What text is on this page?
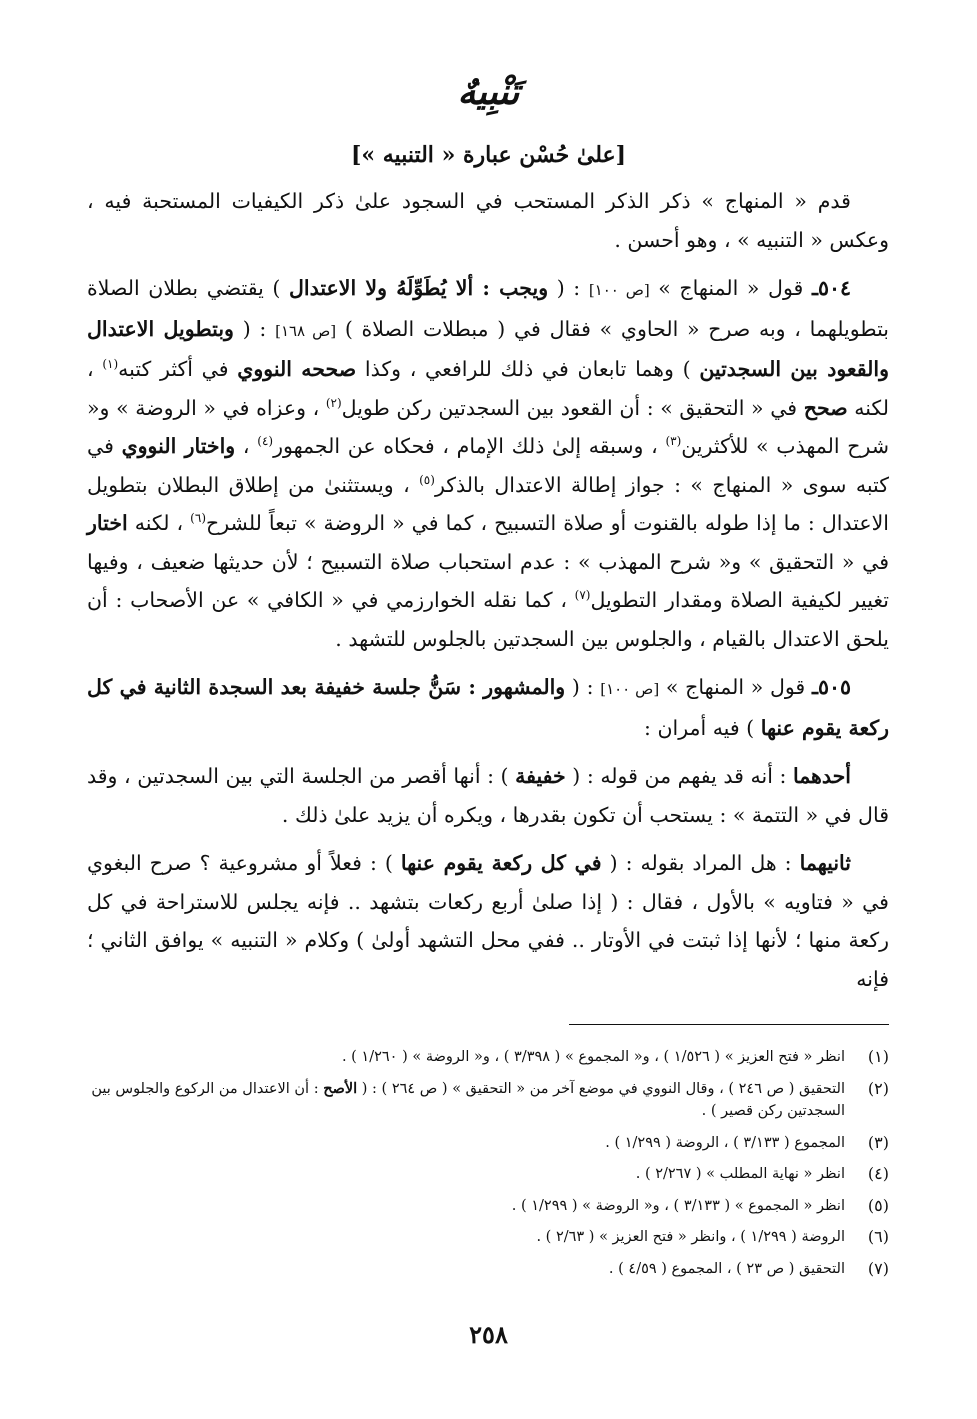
تَنْبِيهٌ
[علىٰ حُسْن عبارة « التنبيه »]

قدم « المنهاج » ذكر الذكر المستحب في السجود علىٰ ذكر الكيفيات المستحبة فيه ، وعكس « التنبيه » ، وهو أحسن .

٥٠٤ـ قول « المنهاج » [ص ١٠٠] : ( ويجب : ألا يُطَوِّلَهُ ولا الاعتدال ) يقتضي بطلان الصلاة بتطويلهما ، وبه صرح « الحاوي » فقال في ( مبطلات الصلاة ) [ص ١٦٨] : ( وبتطويل الاعتدال والقعود بين السجدتين ) وهما تابعان في ذلك للرافعي ، وكذا صححه النووي في أكثر كتبه$^{(١)}$ ، لكنه صحح في « التحقيق » : أن القعود بين السجدتين ركن طويل$^{(٢)}$ ، وعزاه في « الروضة » و« شرح المهذب » للأكثرين$^{(٣)}$ ، وسبقه إلىٰ ذلك الإمام ، فحكاه عن الجمهور$^{(٤)}$ ، واختار النووي في كتبه سوى « المنهاج » : جواز إطالة الاعتدال بالذكر$^{(٥)}$ ، ويستثنىٰ من إطلاق البطلان بتطويل الاعتدال : ما إذا طوله بالقنوت أو صلاة التسبيح ، كما في « الروضة » تبعاً للشرح$^{(٦)}$ ، لكنه اختار في « التحقيق » و« شرح المهذب » : عدم استحباب صلاة التسبيح ؛ لأن حديثها ضعيف ، وفيها تغيير لكيفية الصلاة ومقدار التطويل$^{(٧)}$ ، كما نقله الخوارزمي في « الكافي » عن الأصحاب : أن يلحق الاعتدال بالقيام ، والجلوس بين السجدتين بالجلوس للتشهد .

٥٠٥ـ قول « المنهاج » [ص ١٠٠] : ( والمشهور : سَنُّ جلسة خفيفة بعد السجدة الثانية في كل ركعة يقوم عنها ) فيه أمران :

أحدهما : أنه قد يفهم من قوله : ( خفيفة ) : أنها أقصر من الجلسة التي بين السجدتين ، وقد قال في « التتمة » : يستحب أن تكون بقدرها ، ويكره أن يزيد علىٰ ذلك .

ثانيهما : هل المراد بقوله : ( في كل ركعة يقوم عنها ) : فعلاً أو مشروعية ؟ صرح البغوي في « فتاويه » بالأول ، فقال : ( إذا صلىٰ أربع ركعات بتشهد .. فإنه يجلس للاستراحة في كل ركعة منها ؛ لأنها إذا ثبتت في الأوتار .. ففي محل التشهد أولىٰ ) وكلام « التنبيه » يوافق الثاني ؛ فإنه

(١)
انظر « فتح العزيز » ( ١/٥٢٦ ) ، و« المجموع » ( ٣/٣٩٨ ) ، و« الروضة » ( ١/٢٦٠ ) .
(٢)
التحقيق ( ص ٢٤٦ ) ، وقال النووي في موضع آخر من « التحقيق » ( ص ٢٦٤ ) : ( الأصح : أن الاعتدال من الركوع والجلوس بين السجدتين ركن قصير ) .
(٣)
المجموع ( ٣/١٣٣ ) ، الروضة ( ١/٢٩٩ ) .
(٤)
انظر « نهاية المطلب » ( ٢/٢٦٧ ) .
(٥)
انظر « المجموع » ( ٣/١٣٣ ) ، و« الروضة » ( ١/٢٩٩ ) .
(٦)
الروضة ( ١/٢٩٩ ) ، وانظر « فتح العزيز » ( ٢/٦٣ ) .
(٧)
التحقيق ( ص ٢٣ ) ، المجموع ( ٤/٥٩ ) .
٢٥٨
